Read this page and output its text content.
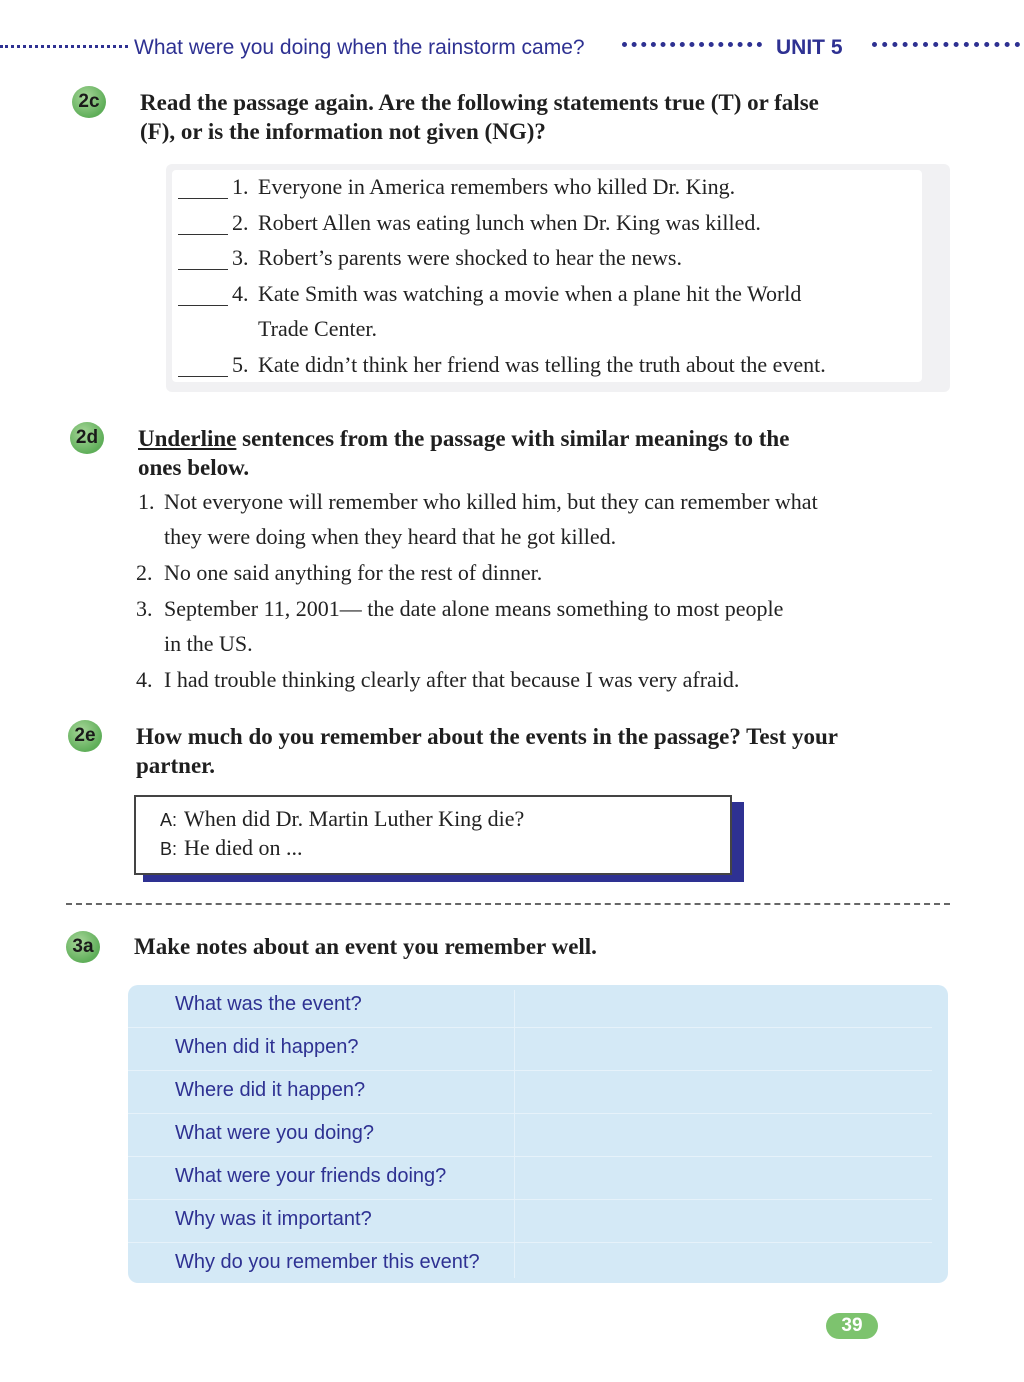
What were you doing when the rainstorm came?	UNIT 5
2c Read the passage again. Are the following statements true (T) or false
(F), or is the information not given (NG)?
1. Everyone in America remembers who killed Dr. King.
2. Robert Allen was eating lunch when Dr. King was killed.
3. Robert’s parents were shocked to hear the news.
4. Kate Smith was watching a movie when a plane hit the World
Trade Center.
5. Kate didn’t think her friend was telling the truth about the event.
2d Underline sentences from the passage with similar meanings to the
ones below.
1. Not everyone will remember who killed him, but they can remember what
they were doing when they heard that he got killed.
2. No one said anything for the rest of dinner.
3. September 11, 2001— the date alone means something to most people
in the US.
4. I had trouble thinking clearly after that because I was very afraid.
2e How much do you remember about the events in the passage? Test your
partner.
A: When did Dr. Martin Luther King die?
B: He died on ...
3a Make notes about an event you remember well.
What was the event?
When did it happen?
Where did it happen?
What were you doing?
What were your friends doing?
Why was it important?
Why do you remember this event?
39
